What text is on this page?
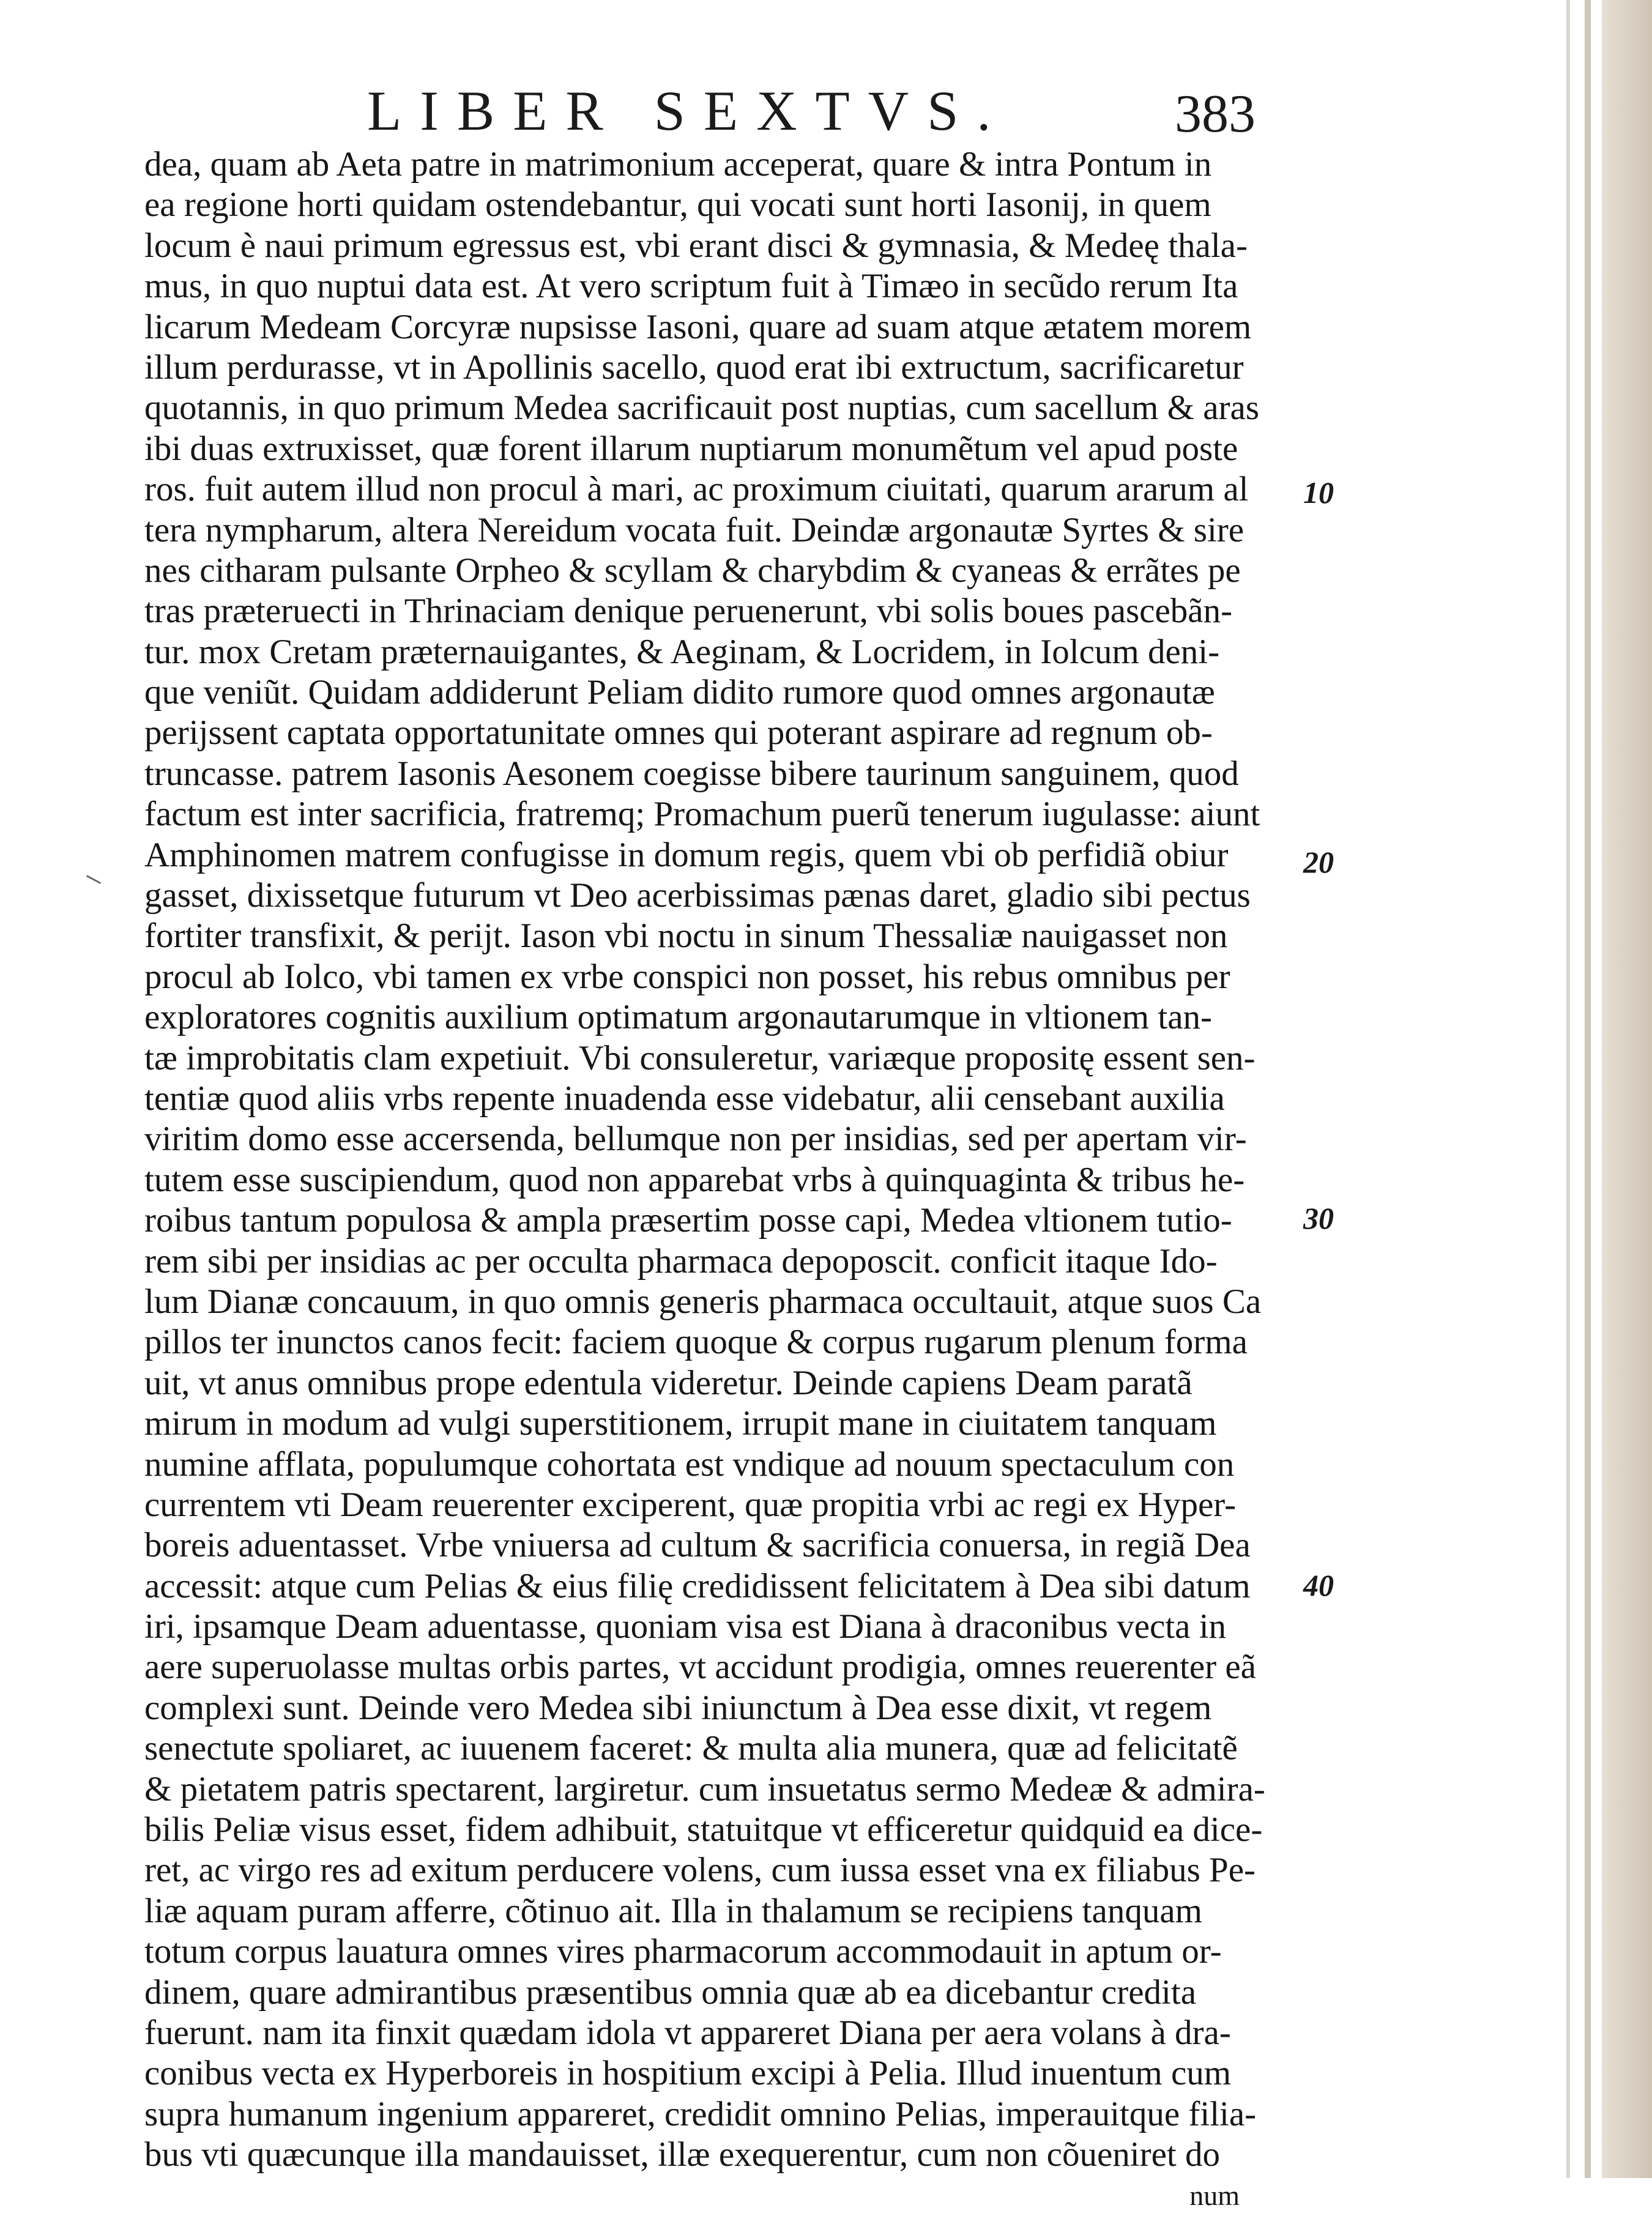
LIBER SEXTVS.	383
dea, quam ab Aeta patre in matrimonium acceperat, quare & intra Pontum in
ea regione horti quidam ostendebantur, qui vocati sunt horti Iasonij, in quem
locum è naui primum egressus est, vbi erant disci & gymnasia, & Medeę thala-
mus, in quo nuptui data est. At vero scriptum fuit à Timæo in secũdo rerum Ita
licarum Medeam Corcyræ nupsisse Iasoni, quare ad suam atque ætatem morem
illum perdurasse, vt in Apollinis sacello, quod erat ibi extructum, sacrificaretur
quotannis, in quo primum Medea sacrificauit post nuptias, cum sacellum & aras
ibi duas extruxisset, quæ forent illarum nuptiarum monumẽtum vel apud poste
ros. fuit autem illud non procul à mari, ac proximum ciuitati, quarum ararum al
tera nympharum, altera Nereidum vocata fuit. Deindæ argonautæ Syrtes & sire
nes citharam pulsante Orpheo & scyllam & charybdim & cyaneas & errãtes pe
tras præteruecti in Thrinaciam denique peruenerunt, vbi solis boues pascebãn-
tur. mox Cretam præternauigantes, & Aeginam, & Locridem, in Iolcum deni-
que veniũt. Quidam addiderunt Peliam didito rumore quod omnes argonautæ
perijssent captata opportatunitate omnes qui poterant aspirare ad regnum ob-
truncasse. patrem Iasonis Aesonem coegisse bibere taurinum sanguinem, quod
factum est inter sacrificia, fratremq; Promachum puerũ tenerum iugulasse: aiunt
Amphinomen matrem confugisse in domum regis, quem vbi ob perfidiã obiur
gasset, dixissetque futurum vt Deo acerbissimas pænas daret, gladio sibi pectus
fortiter transfixit, & perijt. Iason vbi noctu in sinum Thessaliæ nauigasset non
procul ab Iolco, vbi tamen ex vrbe conspici non posset, his rebus omnibus per
exploratores cognitis auxilium optimatum argonautarumque in vltionem tan-
tæ improbitatis clam expetiuit. Vbi consuleretur, variæque propositę essent sen-
tentiæ quod aliis vrbs repente inuadenda esse videbatur, alii censebant auxilia
viritim domo esse accersenda, bellumque non per insidias, sed per apertam vir-
tutem esse suscipiendum, quod non apparebat vrbs à quinquaginta & tribus he-
roibus tantum populosa & ampla præsertim posse capi, Medea vltionem tutio-
rem sibi per insidias ac per occulta pharmaca depoposcit. conficit itaque Ido-
lum Dianæ concauum, in quo omnis generis pharmaca occultauit, atque suos Ca
pillos ter inunctos canos fecit: faciem quoque & corpus rugarum plenum forma
uit, vt anus omnibus prope edentula videretur. Deinde capiens Deam paratã
mirum in modum ad vulgi superstitionem, irrupit mane in ciuitatem tanquam
numine afflata, populumque cohortata est vndique ad nouum spectaculum con
currentem vti Deam reuerenter exciperent, quæ propitia vrbi ac regi ex Hyper-
boreis aduentasset. Vrbe vniuersa ad cultum & sacrificia conuersa, in regiã Dea
accessit: atque cum Pelias & eius filię credidissent felicitatem à Dea sibi datum
iri, ipsamque Deam aduentasse, quoniam visa est Diana à draconibus vecta in
aere superuolasse multas orbis partes, vt accidunt prodigia, omnes reuerenter eã
complexi sunt. Deinde vero Medea sibi iniunctum à Dea esse dixit, vt regem
senectute spoliaret, ac iuuenem faceret: & multa alia munera, quæ ad felicitatẽ
& pietatem patris spectarent, largiretur. cum insuetatus sermo Medeæ & admira-
bilis Peliæ visus esset, fidem adhibuit, statuitque vt efficeretur quidquid ea dice-
ret, ac virgo res ad exitum perducere volens, cum iussa esset vna ex filiabus Pe-
liæ aquam puram afferre, cõtinuo ait. Illa in thalamum se recipiens tanquam
totum corpus lauatura omnes vires pharmacorum accommodauit in aptum or-
dinem, quare admirantibus præsentibus omnia quæ ab ea dicebantur credita
fuerunt. nam ita finxit quædam idola vt appareret Diana per aera volans à dra-
conibus vecta ex Hyperboreis in hospitium excipi à Pelia. Illud inuentum cum
supra humanum ingenium appareret, credidit omnino Pelias, imperauitque filia-
bus vti quæcunque illa mandauisset, illæ exequerentur, cum non cõueniret do
num
10
20
30
40
